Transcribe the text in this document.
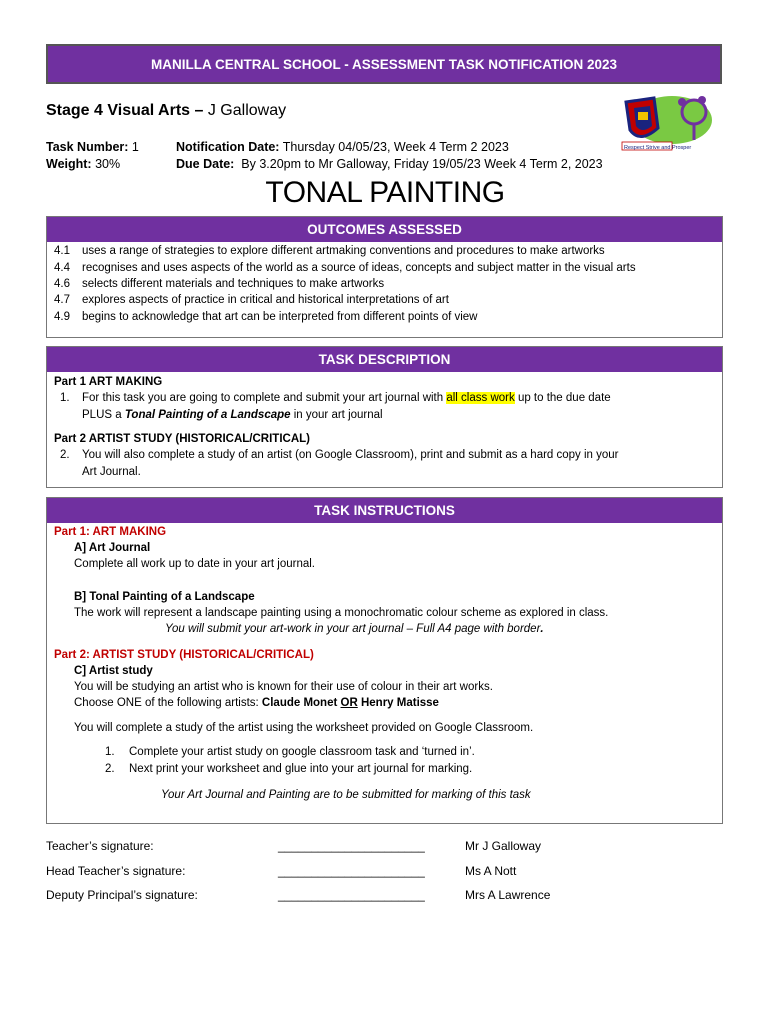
MANILLA CENTRAL SCHOOL - ASSESSMENT TASK NOTIFICATION 2023
Stage 4 Visual Arts – J Galloway
Task Number: 1
Weight: 30%
Notification Date: Thursday 04/05/23, Week 4 Term 2 2023
Due Date:  By 3.20pm to Mr Galloway, Friday 19/05/23 Week 4 Term 2, 2023
Respect Strive and Prosper
TONAL PAINTING
OUTCOMES ASSESSED
4.1 uses a range of strategies to explore different artmaking conventions and procedures to make artworks
4.4 recognises and uses aspects of the world as a source of ideas, concepts and subject matter in the visual arts
4.6 selects different materials and techniques to make artworks
4.7 explores aspects of practice in critical and historical interpretations of art
4.9 begins to acknowledge that art can be interpreted from different points of view
TASK DESCRIPTION
Part 1 ART MAKING
1. For this task you are going to complete and submit your art journal with all class work up to the due date
PLUS a Tonal Painting of a Landscape in your art journal
Part 2 ARTIST STUDY (HISTORICAL/CRITICAL)
2. You will also complete a study of an artist (on Google Classroom), print and submit as a hard copy in your
Art Journal.
TASK INSTRUCTIONS
Part 1: ART MAKING
A] Art Journal
Complete all work up to date in your art journal.
B] Tonal Painting of a Landscape
The work will represent a landscape painting using a monochromatic colour scheme as explored in class.
You will submit your art-work in your art journal – Full A4 page with border.
Part 2: ARTIST STUDY (HISTORICAL/CRITICAL)
C] Artist study
You will be studying an artist who is known for their use of colour in their art works.
Choose ONE of the following artists: Claude Monet OR Henry Matisse
You will complete a study of the artist using the worksheet provided on Google Classroom.
1. Complete your artist study on google classroom task and ‘turned in’.
2. Next print your worksheet and glue into your art journal for marking.
Your Art Journal and Painting are to be submitted for marking of this task
Teacher’s signature:	______________________	Mr J Galloway
Head Teacher’s signature:	______________________	Ms A Nott
Deputy Principal’s signature:	______________________	Mrs A Lawrence
